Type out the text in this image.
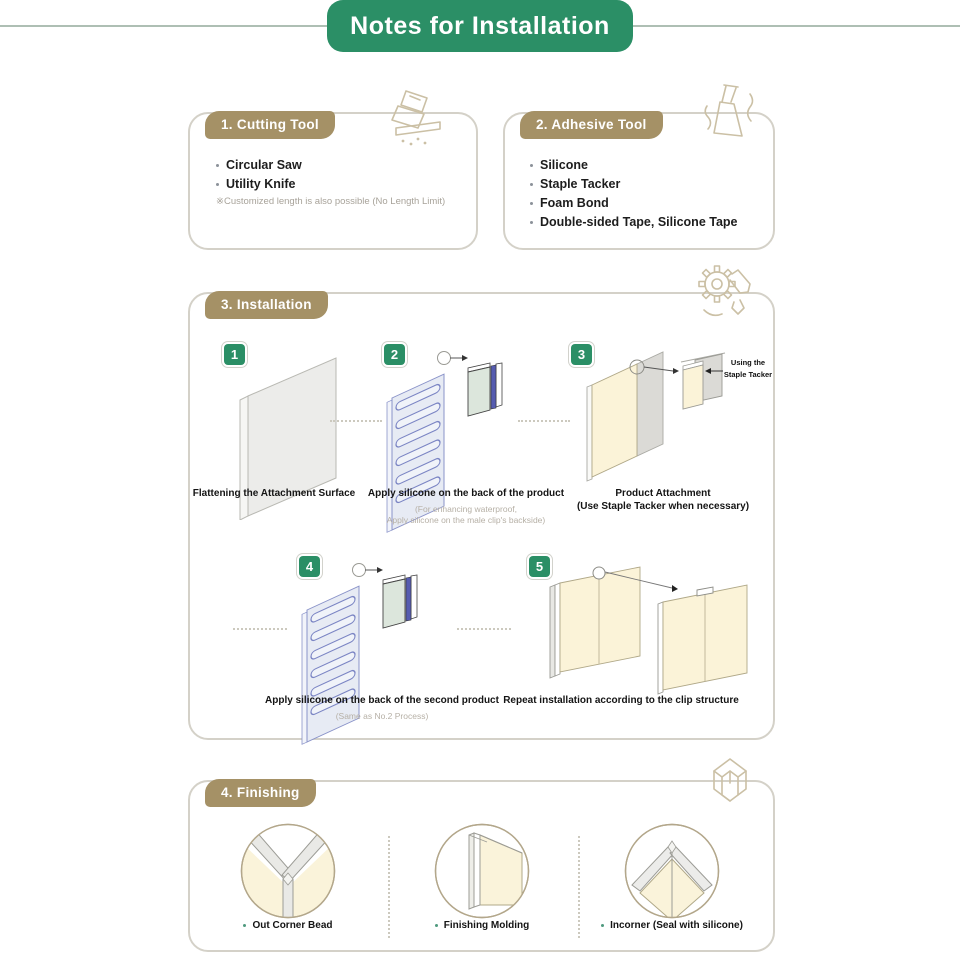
Notes for Installation
1. Cutting Tool
Circular Saw
Utility Knife
※Customized length is also possible (No Length Limit)
2. Adhesive Tool
Silicone
Staple Tacker
Foam Bond
Double-sided Tape, Silicone Tape
3. Installation
1	2	3
4	5
Using the
Staple Tacker
Flattening the Attachment Surface	Apply silicone on the back of the product
(For enhancing waterproof,
Apply silicone on the male clip's backside)
Product Attachment
(Use Staple Tacker when necessary)
Apply silicone on the back of the second product
(Same as No.2 Process)
Repeat installation according to the clip structure
4. Finishing
Out Corner Bead	Finishing Molding	Incorner (Seal with silicone)
